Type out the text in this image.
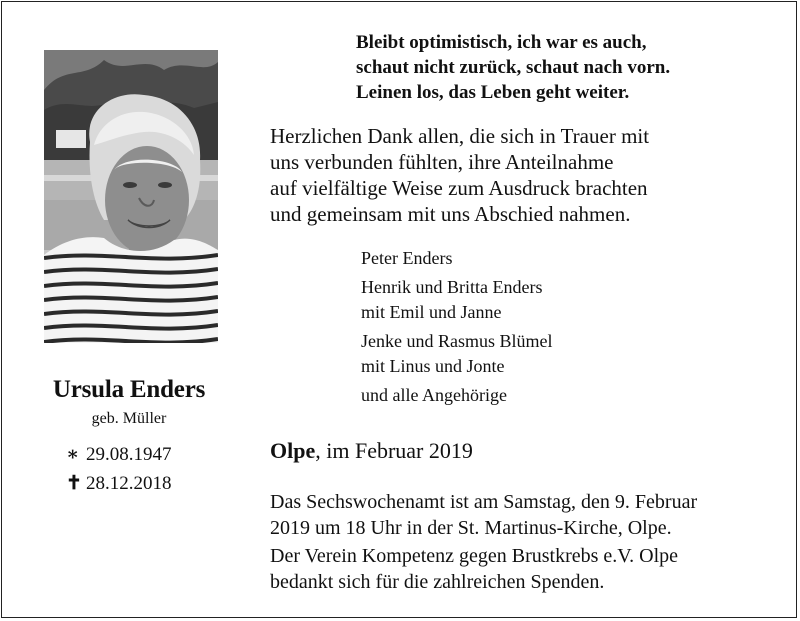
Ursula Enders
geb. Müller
∗ 29.08.1947
✝ 28.12.2018
Bleibt optimistisch, ich war es auch,
schaut nicht zurück, schaut nach vorn.
Leinen los, das Leben geht weiter.
Herzlichen Dank allen, die sich in Trauer mit
uns verbunden fühlten, ihre Anteilnahme
auf vielfältige Weise zum Ausdruck brachten
und gemeinsam mit uns Abschied nahmen.
Peter Enders
Henrik und Britta Enders
mit Emil und Janne
Jenke und Rasmus Blümel
mit Linus und Jonte
und alle Angehörige
Olpe, im Februar 2019
Das Sechswochenamt ist am Samstag, den 9. Februar
2019 um 18 Uhr in der St. Martinus-Kirche, Olpe.
Der Verein Kompetenz gegen Brustkrebs e.V. Olpe
bedankt sich für die zahlreichen Spenden.
